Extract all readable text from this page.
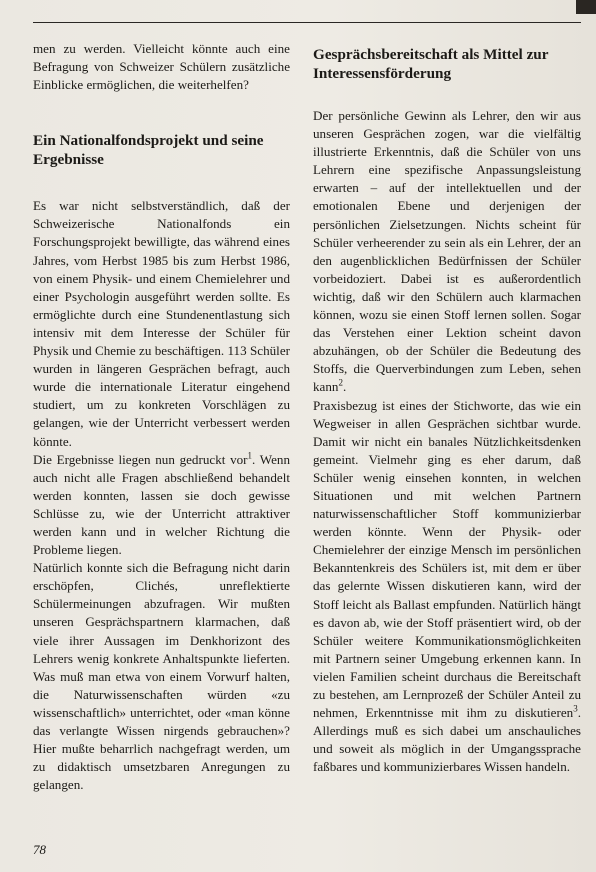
men zu werden. Vielleicht könnte auch eine Befragung von Schweizer Schülern zusätzliche Einblicke ermöglichen, die weiterhelfen?

Ein Nationalfondsprojekt und seine Ergebnisse

Es war nicht selbstverständlich, daß der Schweizerische Nationalfonds ein Forschungsprojekt bewilligte, das während eines Jahres, vom Herbst 1985 bis zum Herbst 1986, von einem Physik- und einem Chemielehrer und einer Psychologin ausgeführt werden sollte. Es ermöglichte durch eine Stundenentlastung sich intensiv mit dem Interesse der Schüler für Physik und Chemie zu beschäftigen. 113 Schüler wurden in längeren Gesprächen befragt, auch wurde die internationale Literatur eingehend studiert, um zu konkreten Vorschlägen zu gelangen, wie der Unterricht verbessert werden könnte.

Die Ergebnisse liegen nun gedruckt vor$^1$. Wenn auch nicht alle Fragen abschließend behandelt werden konnten, lassen sie doch gewisse Schlüsse zu, wie der Unterricht attraktiver werden kann und in welcher Richtung die Probleme liegen.

Natürlich konnte sich die Befragung nicht darin erschöpfen, Clichés, unreflektierte Schülermeinungen abzufragen. Wir mußten unseren Gesprächspartnern klarmachen, daß viele ihrer Aussagen im Denkhorizont des Lehrers wenig konkrete Anhaltspunkte lieferten. Was muß man etwa von einem Vorwurf halten, die Naturwissenschaften würden «zu wissenschaftlich» unterrichtet, oder «man könne das verlangte Wissen nirgends gebrauchen»? Hier mußte beharrlich nachgefragt werden, um zu didaktisch umsetzbaren Anregungen zu gelangen.

Gesprächsbereitschaft als Mittel zur Interessensförderung

Der persönliche Gewinn als Lehrer, den wir aus unseren Gesprächen zogen, war die vielfältig illustrierte Erkenntnis, daß die Schüler von uns Lehrern eine spezifische Anpassungsleistung erwarten – auf der intellektuellen und der emotionalen Ebene und derjenigen der persönlichen Zielsetzungen. Nichts scheint für Schüler verheerender zu sein als ein Lehrer, der an den augenblicklichen Bedürfnissen der Schüler vorbeidoziert. Dabei ist es außerordentlich wichtig, daß wir den Schülern auch klarmachen können, wozu sie einen Stoff lernen sollen. Sogar das Verstehen einer Lektion scheint davon abzuhängen, ob der Schüler die Bedeutung des Stoffs, die Querverbindungen zum Leben, sehen kann$^2$.

Praxisbezug ist eines der Stichworte, das wie ein Wegweiser in allen Gesprächen sichtbar wurde. Damit wir nicht ein banales Nützlichkeitsdenken gemeint. Vielmehr ging es eher darum, daß Schüler wenig einsehen konnten, in welchen Situationen und mit welchen Partnern naturwissenschaftlicher Stoff kommunizierbar werden könnte. Wenn der Physik- oder Chemielehrer der einzige Mensch im persönlichen Bekanntenkreis des Schülers ist, mit dem er über das gelernte Wissen diskutieren kann, wird der Stoff leicht als Ballast empfunden. Natürlich hängt es davon ab, wie der Stoff präsentiert wird, ob der Schüler weitere Kommunikationsmöglichkeiten mit Partnern seiner Umgebung erkennen kann. In vielen Familien scheint durchaus die Bereitschaft zu bestehen, am Lernprozeß der Schüler Anteil zu nehmen, Erkenntnisse mit ihm zu diskutieren$^3$. Allerdings muß es sich dabei um anschauliches und soweit als möglich in der Umgangssprache faßbares und kommunizierbares Wissen handeln.

78
